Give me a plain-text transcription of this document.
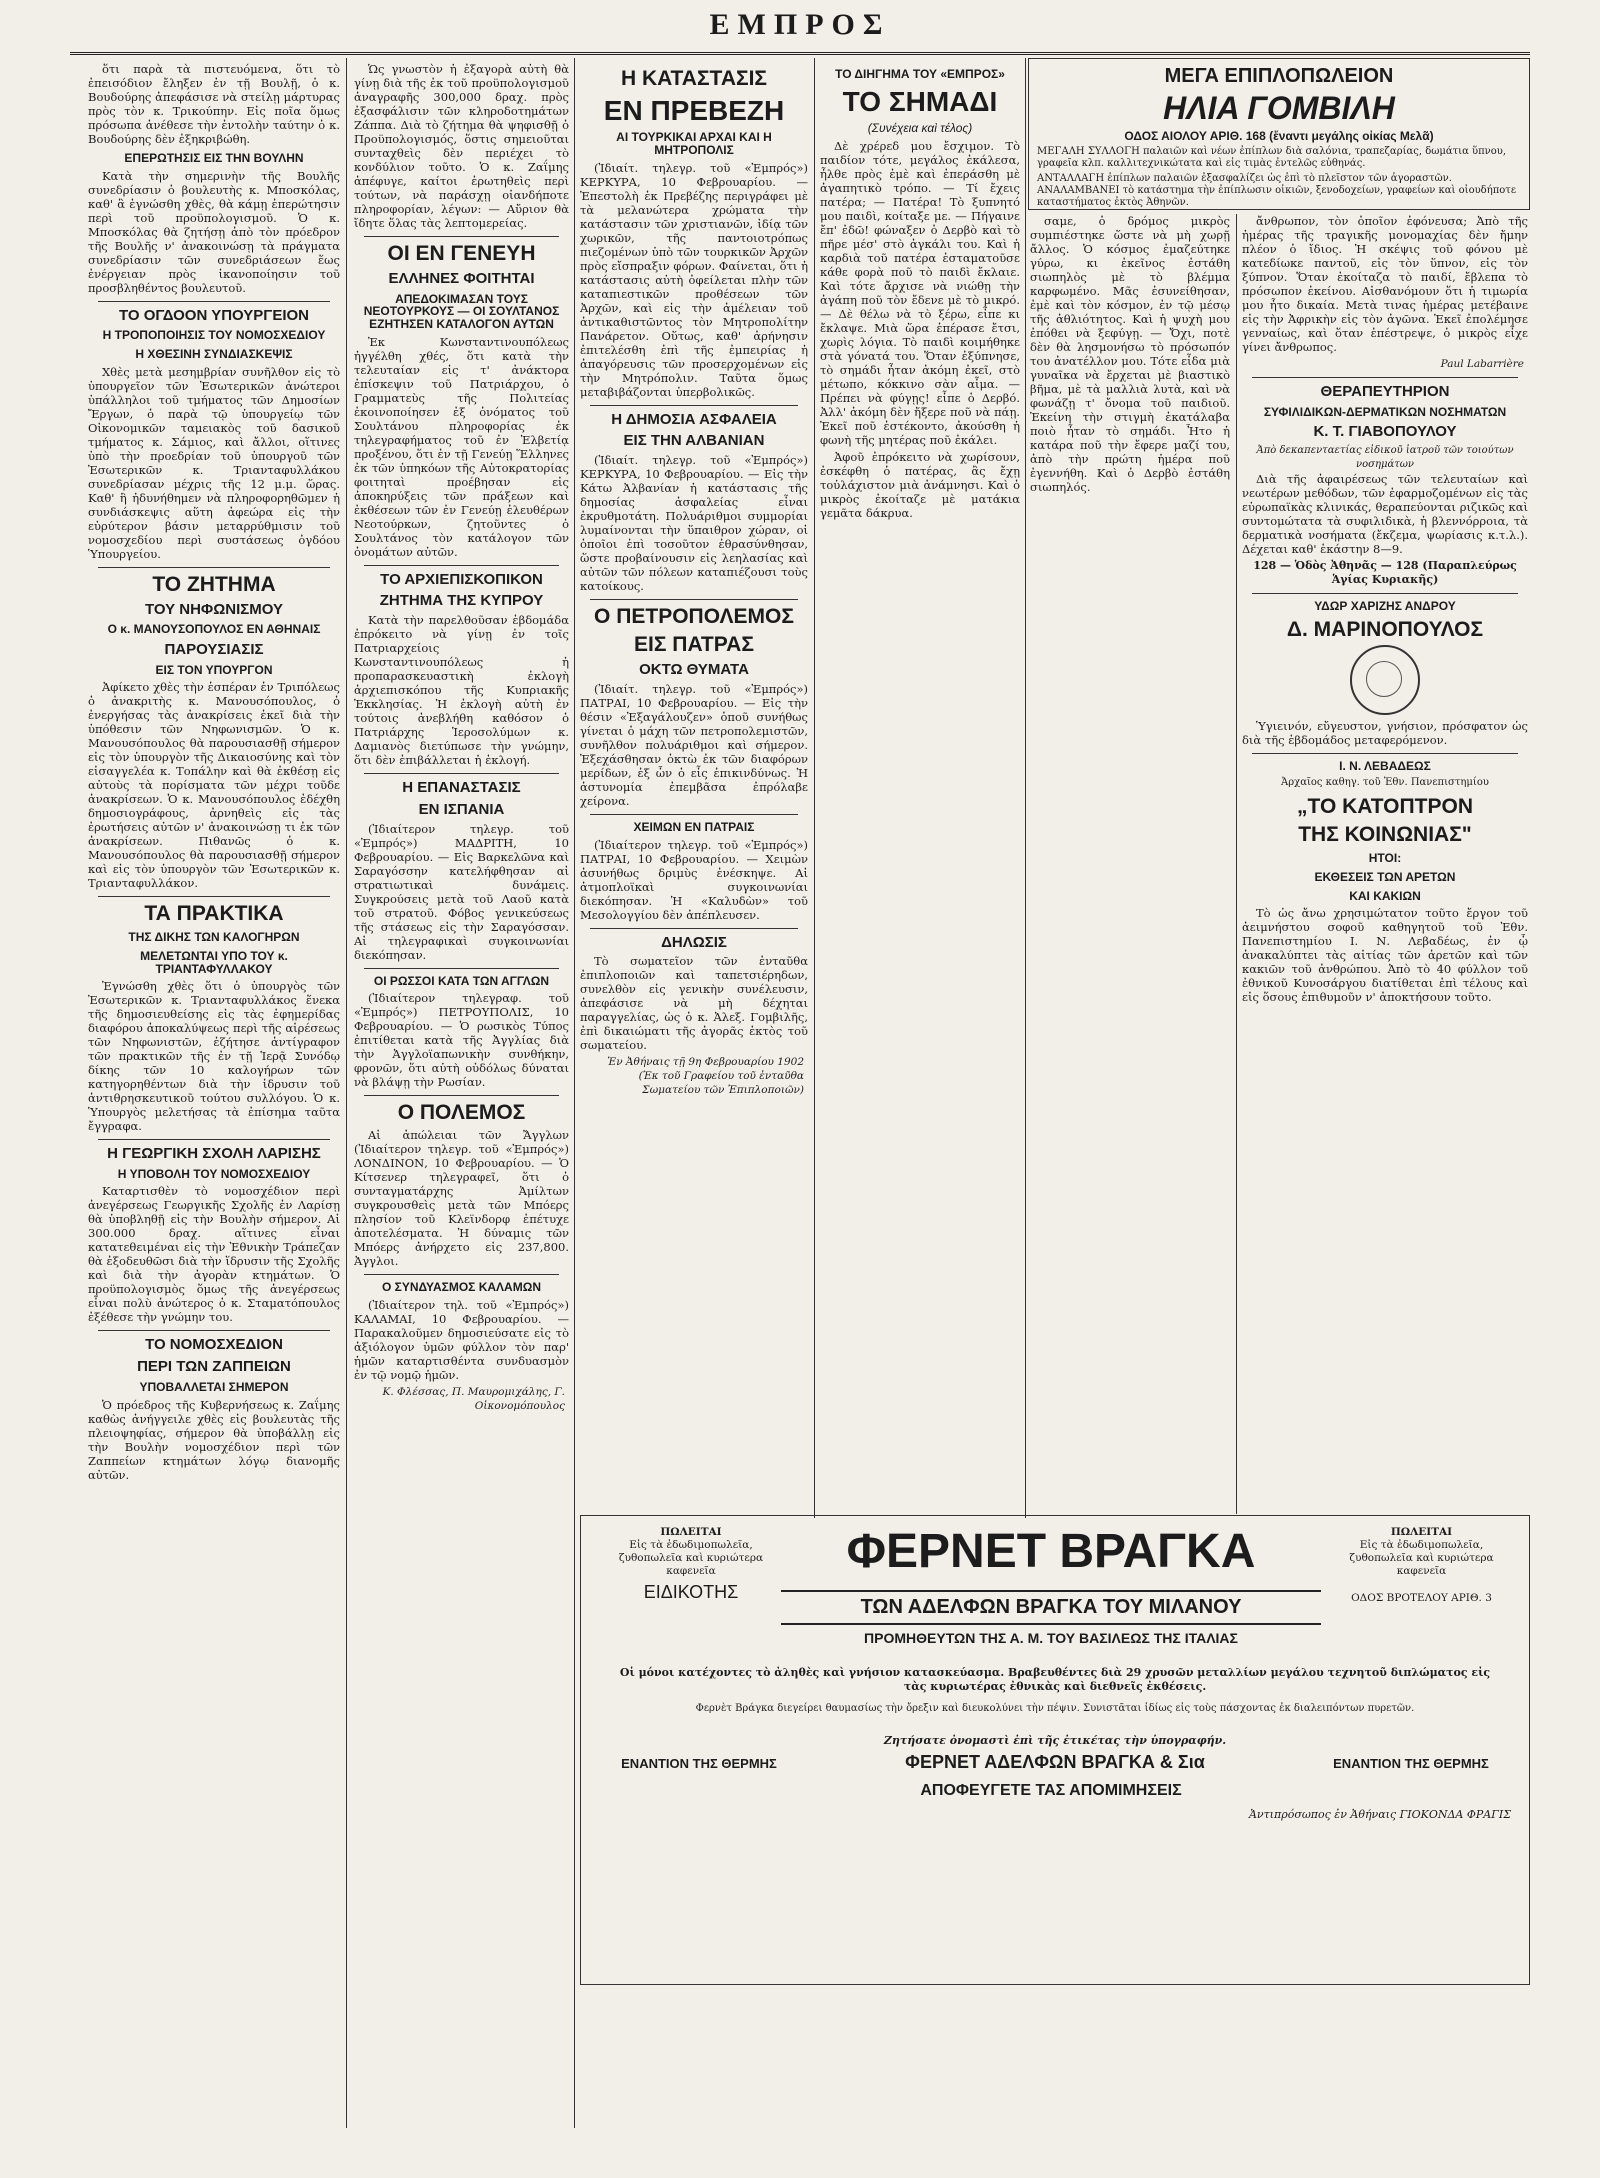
ΕΜΠΡΟΣ

ὅτι παρὰ τὰ πιστευόμενα, ὅτι τὸ ἐπεισόδιον ἔληξεν ἐν τῇ Βουλῇ, ὁ κ. Βουδούρης ἀπεφάσισε νὰ στείλῃ μάρτυρας πρὸς τὸν κ. Τρικούπην. Εἰς ποῖα ὅμως πρόσωπα ἀνέθεσε τὴν ἐντολὴν ταύτην ὁ κ. Βουδούρης δὲν ἐξηκριβώθη.

ΕΠΕΡΩΤΗΣΙΣ ΕΙΣ ΤΗΝ ΒΟΥΛΗΝ

Κατὰ τὴν σημερινὴν τῆς Βουλῆς συνεδρίασιν ὁ βουλευτὴς κ. Μποσκόλας, καθ' ἃ ἐγνώσθη χθὲς, θὰ κάμῃ ἐπερώτησιν περὶ τοῦ προϋπολογισμοῦ. Ὁ κ. Μποσκόλας θὰ ζητήσῃ ἀπὸ τὸν πρόεδρον τῆς Βουλῆς ν' ἀνακοινώσῃ τὰ πράγματα συνεδρίασιν τῶν συνεδριάσεων ἕως ἐνέργειαν πρὸς ἱκανοποίησιν τοῦ προσβληθέντος βουλευτοῦ.

ΤΟ ΟΓΔΟΟΝ ΥΠΟΥΡΓΕΙΟΝ
Η ΤΡΟΠΟΠΟΙΗΣΙΣ ΤΟΥ ΝΟΜΟΣΧΕΔΙΟΥ
Η ΧΘΕΣΙΝΗ ΣΥΝΔΙΑΣΚΕΨΙΣ

Χθὲς μετὰ μεσημβρίαν συνῆλθον εἰς τὸ ὑπουργεῖον τῶν Ἐσωτερικῶν ἀνώτεροι ὑπάλληλοι τοῦ τμήματος τῶν Δημοσίων Ἔργων, ὁ παρὰ τῷ ὑπουργείῳ τῶν Οἰκονομικῶν ταμειακὸς τοῦ δασικοῦ τμήματος κ. Σάμιος, καὶ ἄλλοι, οἵτινες ὑπὸ τὴν προεδρίαν τοῦ ὑπουργοῦ τῶν Ἐσωτερικῶν κ. Τριανταφυλλάκου συνεδρίασαν μέχρις τῆς 12 μ.μ. ὥρας. Καθ' ἣ ἠδυνήθημεν νὰ πληροφορηθῶμεν ἡ συνδιάσκεψις αὕτη ἀφεώρα εἰς τὴν εὐρύτερον βάσιν μεταρρύθμισιν τοῦ νομοσχεδίου περὶ συστάσεως ὀγδόου Ὑπουργείου.

ΤΟ ΖΗΤΗΜΑ
ΤΟΥ ΝΗΦΩΝΙΣΜΟΥ
Ο κ. ΜΑΝΟΥΣΟΠΟΥΛΟΣ ΕΝ ΑΘΗΝΑΙΣ
ΠΑΡΟΥΣΙΑΣΙΣ
ΕΙΣ ΤΟΝ ΥΠΟΥΡΓΟΝ

Ἀφίκετο χθὲς τὴν ἑσπέραν ἐν Τριπόλεως ὁ ἀνακριτὴς κ. Μανουσόπουλος, ὁ ἐνεργήσας τὰς ἀνακρίσεις ἐκεῖ διὰ τὴν ὑπόθεσιν τῶν Νηφωνισμῶν. Ὁ κ. Μανουσόπουλος θὰ παρουσιασθῇ σήμερον εἰς τὸν ὑπουργὸν τῆς Δικαιοσύνης καὶ τὸν εἰσαγγελέα κ. Τοπάλην καὶ θὰ ἐκθέσῃ εἰς αὐτοὺς τὰ πορίσματα τῶν μέχρι τοῦδε ἀνακρίσεων. Ὁ κ. Μανουσόπουλος ἐδέχθη δημοσιογράφους, ἀρνηθεὶς εἰς τὰς ἐρωτήσεις αὐτῶν ν' ἀνακοινώσῃ τι ἐκ τῶν ἀνακρίσεων. Πιθανῶς ὁ κ. Μανουσόπουλος θὰ παρουσιασθῇ σήμερον καὶ εἰς τὸν ὑπουργὸν τῶν Ἐσωτερικῶν κ. Τριανταφυλλάκον.

ΤΑ ΠΡΑΚΤΙΚΑ
ΤΗΣ ΔΙΚΗΣ ΤΩΝ ΚΑΛΟΓΗΡΩΝ
ΜΕΛΕΤΩΝΤΑΙ ΥΠΟ ΤΟΥ κ. ΤΡΙΑΝΤΑΦΥΛΛΑΚΟΥ

Ἐγνώσθη χθὲς ὅτι ὁ ὑπουργὸς τῶν Ἐσωτερικῶν κ. Τριανταφυλλάκος ἕνεκα τῆς δημοσιευθείσης εἰς τὰς ἐφημερίδας διαφόρου ἀποκαλύψεως περὶ τῆς αἱρέσεως τῶν Νηφωνιστῶν, ἐζήτησε ἀντίγραφον τῶν πρακτικῶν τῆς ἐν τῇ Ἱερᾷ Συνόδῳ δίκης τῶν 10 καλογήρων τῶν κατηγορηθέντων διὰ τὴν ἱδρυσιν τοῦ ἀντιθρησκευτικοῦ τούτου συλλόγου. Ὁ κ. Ὑπουργὸς μελετήσας τὰ ἐπίσημα ταῦτα ἔγγραφα.

Η ΓΕΩΡΓΙΚΗ ΣΧΟΛΗ ΛΑΡΙΣΗΣ
Η ΥΠΟΒΟΛΗ ΤΟΥ ΝΟΜΟΣΧΕΔΙΟΥ

Καταρτισθὲν τὸ νομοσχέδιον περὶ ἀνεγέρσεως Γεωργικῆς Σχολῆς ἐν Λαρίσῃ θὰ ὑποβληθῇ εἰς τὴν Βουλὴν σήμερον. Αἱ 300.000 δραχ. αἵτινες εἶναι κατατεθειμέναι εἰς τὴν Ἐθνικὴν Τράπεζαν θὰ ἐξοδευθῶσι διὰ τὴν ἵδρυσιν τῆς Σχολῆς καὶ διὰ τὴν ἀγορὰν κτημάτων. Ὁ προϋπολογισμὸς ὅμως τῆς ἀνεγέρσεως εἶναι πολὺ ἀνώτερος ὁ κ. Σταματόπουλος ἐξέθεσε τὴν γνώμην του.

ΤΟ ΝΟΜΟΣΧΕΔΙΟΝ
ΠΕΡΙ ΤΩΝ ΖΑΠΠΕΙΩΝ
ΥΠΟΒΑΛΛΕΤΑΙ ΣΗΜΕΡΟΝ

Ὁ πρόεδρος τῆς Κυβερνήσεως κ. Ζαΐμης καθὼς ἀνήγγειλε χθὲς εἰς βουλευτὰς τῆς πλειοψηφίας, σήμερον θὰ ὑποβάλλῃ εἰς τὴν Βουλὴν νομοσχέδιον περὶ τῶν Ζαππείων κτημάτων λόγῳ διανομῆς αὐτῶν.

Ὡς γνωστὸν ἡ ἐξαγορὰ αὐτὴ θὰ γίνῃ διὰ τῆς ἐκ τοῦ προϋπολογισμοῦ ἀναγραφῆς 300,000 δραχ. πρὸς ἐξασφάλισιν τῶν κληροδοτημάτων Ζάππα. Διὰ τὸ ζήτημα θὰ ψηφισθῇ ὁ Προϋπολογισμός, ὅστις σημειοῦται συνταχθεὶς δὲν περιέχει τὸ κονδύλιον τοῦτο. Ὁ κ. Ζαΐμης ἀπέφυγε, καίτοι ἐρωτηθεὶς περὶ τούτων, νὰ παράσχῃ οἰανδήποτε πληροφορίαν, λέγων: — Αὔριον θὰ ἴδητε ὅλας τὰς λεπτομερείας.

ΟΙ ΕΝ ΓΕΝΕΥΗ
ΕΛΛΗΝΕΣ ΦΟΙΤΗΤΑΙ
ΑΠΕΔΟΚΙΜΑΣΑΝ ΤΟΥΣ ΝΕΟΤΟΥΡΚΟΥΣ — ΟΙ ΣΟΥΛΤΑΝΟΣ ΕΖΗΤΗΣΕΝ ΚΑΤΑΛΟΓΟΝ ΑΥΤΩΝ

Ἐκ Κωνσταντινουπόλεως ἠγγέλθη χθές, ὅτι κατὰ τὴν τελευταίαν εἰς τ' ἀνάκτορα ἐπίσκεψιν τοῦ Πατριάρχου, ὁ Γραμματεὺς τῆς Πολιτείας ἐκοινοποίησεν ἐξ ὀνόματος τοῦ Σουλτάνου πληροφορίας ἐκ τηλεγραφήματος τοῦ ἐν Ἑλβετίᾳ προξένου, ὅτι ἐν τῇ Γενεύῃ Ἕλληνες ἐκ τῶν ὑπηκόων τῆς Αὐτοκρατορίας φοιτηταὶ προέβησαν εἰς ἀποκηρύξεις τῶν πράξεων καὶ ἐκθέσεων τῶν ἐν Γενεύῃ ἐλευθέρων Νεοτούρκων, ζητοῦντες ὁ Σουλτάνος τὸν κατάλογον τῶν ὀνομάτων αὐτῶν.

ΤΟ ΑΡΧΙΕΠΙΣΚΟΠΙΚΟΝ
ΖΗΤΗΜΑ ΤΗΣ ΚΥΠΡΟΥ

Κατὰ τὴν παρελθοῦσαν ἑβδομάδα ἐπρόκειτο νὰ γίνῃ ἐν τοῖς Πατριαρχείοις Κωνσταντινουπόλεως ἡ προπαρασκευαστικὴ ἐκλογὴ ἀρχιεπισκόπου τῆς Κυπριακῆς Ἐκκλησίας. Ἡ ἐκλογὴ αὐτὴ ἐν τούτοις ἀνεβλήθη καθόσον ὁ Πατριάρχης Ἱεροσολύμων κ. Δαμιανὸς διετύπωσε τὴν γνώμην, ὅτι δὲν ἐπιβάλλεται ἡ ἐκλογή.

Η ΕΠΑΝΑΣΤΑΣΙΣ
ΕΝ ΙΣΠΑΝΙΑ

(Ἰδιαίτερον τηλεγρ. τοῦ «Ἐμπρός») ΜΑΔΡΙΤΗ, 10 Φεβρουαρίου. — Εἰς Βαρκελῶνα καὶ Σαραγόσσην κατελήφθησαν αἱ στρατιωτικαὶ δυνάμεις. Συγκρούσεις μετὰ τοῦ Λαοῦ κατὰ τοῦ στρατοῦ. Φόβος γενικεύσεως τῆς στάσεως εἰς τὴν Σαραγόσσαν. Αἱ τηλεγραφικαὶ συγκοινωνίαι διεκόπησαν.

ΟΙ ΡΩΣΣΟΙ ΚΑΤΑ ΤΩΝ ΑΓΓΛΩΝ

(Ἰδιαίτερον τηλεγραφ. τοῦ «Ἐμπρός») ΠΕΤΡΟΥΠΟΛΙΣ, 10 Φεβρουαρίου. — Ὁ ρωσικὸς Τύπος ἐπιτίθεται κατὰ τῆς Ἀγγλίας διὰ τὴν Ἀγγλοϊαπωνικὴν συνθήκην, φρονῶν, ὅτι αὐτὴ οὐδόλως δύναται νὰ βλάψῃ τὴν Ρωσίαν.

Ο ΠΟΛΕΜΟΣ

Αἱ ἀπώλειαι τῶν Ἄγγλων (Ἰδιαίτερον τηλεγρ. τοῦ «Ἐμπρός») ΛΟΝΔΙΝΟΝ, 10 Φεβρουαρίου. — Ὁ Κίτσενερ τηλεγραφεῖ, ὅτι ὁ συνταγματάρχης Ἀμίλτων συγκρουσθεὶς μετὰ τῶν Μπόερς πλησίον τοῦ Κλεϊνδορφ ἐπέτυχε ἀποτελέσματα. Ἡ δύναμις τῶν Μπόερς ἀνήρχετο εἰς 237,800. Ἀγγλοι.

Ο ΣΥΝΔΥΑΣΜΟΣ ΚΑΛΑΜΩΝ

(Ἰδιαίτερον τηλ. τοῦ «Ἐμπρός») ΚΑΛΑΜΑΙ, 10 Φεβρουαρίου. — Παρακαλοῦμεν δημοσιεύσατε εἰς τὸ ἀξιόλογον ὑμῶν φύλλον τὸν παρ' ἡμῶν καταρτισθέντα συνδυασμὸν ἐν τῷ νομῷ ἡμῶν.

Κ. Φλέσσας, Π. Μαυρομιχάλης, Γ. Οἰκονομόπουλος
Η ΚΑΤΑΣΤΑΣΙΣ
ΕΝ ΠΡΕΒΕΖΗ
ΑΙ ΤΟΥΡΚΙΚΑΙ ΑΡΧΑΙ ΚΑΙ Η ΜΗΤΡΟΠΟΛΙΣ

(Ἰδιαίτ. τηλεγρ. τοῦ «Ἐμπρός») ΚΕΡΚΥΡΑ, 10 Φεβρουαρίου. — Ἐπεστολὴ ἐκ Πρεβέζης περιγράφει μὲ τὰ μελανώτερα χρώματα τὴν κατάστασιν τῶν χριστιανῶν, ἰδίᾳ τῶν χωρικῶν, τῆς παντοιοτρόπως πιεζομένων ὑπὸ τῶν τουρκικῶν Ἀρχῶν πρὸς εἴσπραξιν φόρων. Φαίνεται, ὅτι ἡ κατάστασις αὐτὴ ὀφείλεται πλὴν τῶν καταπιεστικῶν προθέσεων τῶν Ἀρχῶν, καὶ εἰς τὴν ἀμέλειαν τοῦ ἀντικαθιστῶντος τὸν Μητροπολίτην Πανάρετον. Οὕτως, καθ' ἀρήνησιν ἐπιτελέσθη ἐπὶ τῆς ἐμπειρίας ἡ ἀπαγόρευσις τῶν προσερχομένων εἰς τὴν Μητρόπολιν. Ταῦτα ὅμως μεταβιβάζονται ὑπερβολικῶς.

Η ΔΗΜΟΣΙΑ ΑΣΦΑΛΕΙΑ
ΕΙΣ ΤΗΝ ΑΛΒΑΝΙΑΝ

(Ἰδιαίτ. τηλεγρ. τοῦ «Ἐμπρός») ΚΕΡΚΥΡΑ, 10 Φεβρουαρίου. — Εἰς τὴν Κάτω Ἀλβανίαν ἡ κατάστασις τῆς δημοσίας ἀσφαλείας εἶναι ἐκρυθμοτάτη. Πολυάριθμοι συμμορίαι λυμαίνονται τὴν ὕπαιθρον χώραν, οἱ ὁποῖοι ἐπὶ τοσοῦτον ἐθρασύνθησαν, ὥστε προβαίνουσιν εἰς λεηλασίας καὶ αὐτῶν τῶν πόλεων καταπιέζουσι τοὺς κατοίκους.

Ο ΠΕΤΡΟΠΟΛΕΜΟΣ
ΕΙΣ ΠΑΤΡΑΣ
ΟΚΤΩ ΘΥΜΑΤΑ

(Ἰδιαίτ. τηλεγρ. τοῦ «Ἐμπρός») ΠΑΤΡΑΙ, 10 Φεβρουαρίου. — Εἰς τὴν θέσιν «Ἐξαγάλουζεν» ὁποῦ συνήθως γίνεται ὁ μάχη τῶν πετροπολεμιστῶν, συνῆλθον πολυάριθμοι καὶ σήμερον. Ἐξεχάσθησαν ὀκτὼ ἐκ τῶν διαφόρων μερίδων, ἐξ ὧν ὁ εἷς ἐπικινδύνως. Ἡ ἀστυνομία ἐπεμβᾶσα ἐπρόλαβε χείρονα.

ΧΕΙΜΩΝ ΕΝ ΠΑΤΡΑΙΣ

(Ἰδιαίτερον τηλεγρ. τοῦ «Ἐμπρός») ΠΑΤΡΑΙ, 10 Φεβρουαρίου. — Χειμὼν ἀσυνήθως δριμὺς ἐνέσκηψε. Αἱ ἀτμοπλοϊκαὶ συγκοινωνίαι διεκόπησαν. Ἡ «Καλυδὼν» τοῦ Μεσολογγίου δὲν ἀπέπλευσεν.

ΔΗΛΩΣΙΣ

Τὸ σωματεῖον τῶν ἐνταῦθα ἐπιπλοποιῶν καὶ ταπετσιέρηδων, συνελθὸν εἰς γενικὴν συνέλευσιν, ἀπεφάσισε νὰ μὴ δέχηται παραγγελίας, ὡς ὁ κ. Ἀλεξ. Γομβιλῆς, ἐπὶ δικαιώματι τῆς ἀγορᾶς ἐκτὸς τοῦ σωματείου.

Ἐν Ἀθήναις τῇ 9η Φεβρουαρίου 1902 (Ἐκ τοῦ Γραφείου τοῦ ἐνταῦθα Σωματείου τῶν Ἐπιπλοποιῶν)
ΤΟ ΔΙΗΓΗΜΑ ΤΟΥ «ΕΜΠΡΟΣ»
ΤΟ ΣΗΜΑΔΙ
(Συνέχεια καὶ τέλος)

Δὲ χρέρεδ μου ἔσχιμον. Τὸ παιδίον τότε, μεγάλος ἐκάλεσα, ἦλθε πρὸς ἐμὲ καὶ ἐπεράσθη μὲ ἀγαπητικὸ τρόπο. — Τί ἔχεις πατέρα; — Πατέρα! Τὸ ξυπνητό μου παιδὶ, κοίταξε με. — Πήγαινε ἔπ' ἐδῶ! φώναξεν ὁ Δερβὸ καὶ τὸ πῆρε μέσ' στὸ ἀγκάλι του. Καὶ ἡ καρδιὰ τοῦ πατέρα ἐσταματοῦσε κάθε φορὰ ποῦ τὸ παιδὶ ἔκλαιε. Καὶ τότε ἄρχισε νὰ νιώθῃ τὴν ἀγάπη ποῦ τὸν ἔδενε μὲ τὸ μικρό. — Δὲ θέλω νὰ τὸ ξέρω, εἶπε κι ἔκλαψε. Μιὰ ὥρα ἐπέρασε ἔτσι, χωρὶς λόγια. Τὸ παιδὶ κοιμήθηκε στὰ γόνατά του. Ὅταν ἐξύπνησε, τὸ σημάδι ἦταν ἀκόμη ἐκεῖ, στὸ μέτωπο, κόκκινο σὰν αἷμα. — Πρέπει νὰ φύγῃς! εἶπε ὁ Δερβό. Ἀλλ' ἀκόμη δὲν ἤξερε ποῦ νὰ πάῃ. Ἐκεῖ ποῦ ἐστέκοντο, ἀκούσθη ἡ φωνὴ τῆς μητέρας ποῦ ἐκάλει.

Ἀφοῦ ἐπρόκειτο νὰ χωρίσουν, ἐσκέφθη ὁ πατέρας, ἂς ἔχῃ τοὐλάχιστον μιὰ ἀνάμνησι. Καὶ ὁ μικρὸς ἐκοίταζε μὲ ματάκια γεμᾶτα δάκρυα.

ΜΕΓΑ ΕΠΙΠΛΟΠΩΛΕΙΟΝ
ΗΛΙΑ ΓΟΜΒΙΛΗ
ΟΔΟΣ ΑΙΟΛΟΥ ΑΡΙΘ. 168 (ἔναντι μεγάλης οἰκίας Μελᾶ)
ΜΕΓΑΛΗ ΣΥΛΛΟΓΗ παλαιῶν καὶ νέων ἐπίπλων διὰ σαλόνια, τραπεζαρίας, δωμάτια ὕπνου, γραφεῖα κλπ. καλλιτεχνικώτατα καὶ εἰς τιμὰς ἐντελῶς εὐθηνάς.
ΑΝΤΑΛΛΑΓΗ ἐπίπλων παλαιῶν ἐξασφαλίζει ὡς ἐπὶ τὸ πλεῖστον τῶν ἀγοραστῶν.
ΑΝΑΛΑΜΒΑΝΕΙ τὸ κατάστημα τὴν ἐπίπλωσιν οἰκιῶν, ξενοδοχείων, γραφείων καὶ οἰουδήποτε καταστήματος ἐκτὸς Ἀθηνῶν.

σαμε, ὁ δρόμος μικρὸς συμπιέστηκε ὥστε νὰ μὴ χωρῇ ἄλλος. Ὁ κόσμος ἐμαζεύτηκε γύρω, κι ἐκεῖνος ἐστάθη σιωπηλὸς μὲ τὸ βλέμμα καρφωμένο. Μᾶς ἐσυνείθησαν, ἐμὲ καὶ τὸν κόσμον, ἐν τῷ μέσῳ τῆς ἀθλιότητος. Καὶ ἡ ψυχὴ μου ἐπόθει νὰ ξεφύγῃ. — Ὄχι, ποτὲ δὲν θὰ λησμονήσω τὸ πρόσωπόν του ἀνατέλλον μου. Τότε εἶδα μιὰ γυναῖκα νὰ ἔρχεται μὲ βιαστικὸ βῆμα, μὲ τὰ μαλλιὰ λυτὰ, καὶ νὰ φωνάζῃ τ' ὄνομα τοῦ παιδιοῦ. Ἐκείνη τὴν στιγμὴ ἐκατάλαβα ποιὸ ἦταν τὸ σημάδι. Ἦτο ἡ κατάρα ποῦ τὴν ἔφερε μαζί του, ἀπὸ τὴν πρώτη ἡμέρα ποῦ ἐγεννήθη. Καὶ ὁ Δερβὸ ἐστάθη σιωπηλός.

ἄνθρωπον, τὸν ὁποῖον ἐφόνευσα; Ἀπὸ τῆς ἡμέρας τῆς τραγικῆς μονομαχίας δὲν ἤμην πλέον ὁ ἴδιος. Ἡ σκέψις τοῦ φόνου μὲ κατεδίωκε παντοῦ, εἰς τὸν ὕπνον, εἰς τὸν ξύπνον. Ὅταν ἐκοίταζα τὸ παιδί, ἔβλεπα τὸ πρόσωπον ἐκείνου. Αἰσθανόμουν ὅτι ἡ τιμωρία μου ἦτο δικαία. Μετὰ τινας ἡμέρας μετέβαινε εἰς τὴν Ἀφρικὴν εἰς τὸν ἀγῶνα. Ἐκεῖ ἐπολέμησε γενναίως, καὶ ὅταν ἐπέστρεψε, ὁ μικρὸς εἶχε γίνει ἄνθρωπος.

Paul Labarrière
ΘΕΡΑΠΕΥΤΗΡΙΟΝ
ΣΥΦΙΛΙΔΙΚΩΝ-ΔΕΡΜΑΤΙΚΩΝ ΝΟΣΗΜΑΤΩΝ
Κ. Τ. ΓΙΑΒΟΠΟΥΛΟΥ
Ἀπὸ δεκαπενταετίας εἰδικοῦ ἰατροῦ τῶν τοιούτων νοσημάτων

Διὰ τῆς ἀφαιρέσεως τῶν τελευταίων καὶ νεωτέρων μεθόδων, τῶν ἐφαρμοζομένων εἰς τὰς εὐρωπαϊκὰς κλινικάς, θεραπεύονται ριζικῶς καὶ συντομώτατα τὰ συφιλιδικὰ, ἡ βλεννόρροια, τὰ δερματικὰ νοσήματα (ἔκζεμα, ψωρίασις κ.τ.λ.). Δέχεται καθ' ἑκάστην 8—9.

128 — Ὁδὸς Ἀθηνᾶς — 128 (Παραπλεύρως Ἁγίας Κυριακῆς)
ΥΔΩΡ ΧΑΡΙΖΗΣ ΑΝΔΡΟΥ
Δ. ΜΑΡΙΝΟΠΟΥΛΟΣ

Ὑγιεινόν, εὔγευστον, γνήσιον, πρόσφατον ὡς διὰ τῆς ἑβδομάδος μεταφερόμενον.

Ι. Ν. ΛΕΒΑΔΕΩΣ
Ἀρχαῖος καθηγ. τοῦ Ἐθν. Πανεπιστημίου
„ΤΟ ΚΑΤΟΠΤΡΟΝ
ΤΗΣ ΚΟΙΝΩΝΙΑΣ"
ΗΤΟΙ:
ΕΚΘΕΣΕΙΣ ΤΩΝ ΑΡΕΤΩΝ
ΚΑΙ ΚΑΚΙΩΝ

Τὸ ὡς ἄνω χρησιμώτατον τοῦτο ἔργον τοῦ ἀειμνήστου σοφοῦ καθηγητοῦ τοῦ Ἐθν. Πανεπιστημίου Ι. Ν. Λεβαδέως, ἐν ᾧ ἀνακαλύπτει τὰς αἰτίας τῶν ἀρετῶν καὶ τῶν κακιῶν τοῦ ἀνθρώπου. Ἀπὸ τὸ 40 φύλλον τοῦ ἐθνικοῦ Κυνοσάργου διατίθεται ἐπὶ τέλους καὶ εἰς ὅσους ἐπιθυμοῦν ν' ἀποκτήσουν τοῦτο.

ΠΩΛΕΙΤΑΙ
Εἰς τὰ ἐδωδιμοπωλεῖα, ζυθοπωλεῖα καὶ κυριώτερα καφενεῖα
ΕΙΔΙΚΟΤΗΣ
ΠΩΛΕΙΤΑΙ
Εἰς τὰ ἐδωδιμοπωλεῖα, ζυθοπωλεῖα καὶ κυριώτερα καφενεῖα
ΟΔΟΣ ΒΡΟΤΕΛΟΥ ΑΡΙΘ. 3
ΦΕΡΝΕΤ ΒΡΑΓΚΑ
ΤΩΝ ΑΔΕΛΦΩΝ ΒΡΑΓΚΑ ΤΟΥ ΜΙΛΑΝΟΥ
ΠΡΟΜΗΘΕΥΤΩΝ ΤΗΣ Α. Μ. ΤΟΥ ΒΑΣΙΛΕΩΣ ΤΗΣ ΙΤΑΛΙΑΣ
Οἱ μόνοι κατέχοντες τὸ ἀληθὲς καὶ γνήσιον κατασκεύασμα. Βραβευθέντες διὰ 29 χρυσῶν μεταλλίων μεγάλου τεχνητοῦ διπλώματος εἰς τὰς κυριωτέρας ἐθνικὰς καὶ διεθνεῖς ἐκθέσεις.
Φερνὲτ Βράγκα διεγείρει θαυμασίως τὴν ὄρεξιν καὶ διευκολύνει τὴν πέψιν. Συνιστᾶται ἰδίως εἰς τοὺς πάσχοντας ἐκ διαλειπόντων πυρετῶν.
Ζητήσατε ὀνομαστὶ ἐπὶ τῆς ἐτικέτας τὴν ὑπογραφήν.
ΕΝΑΝΤΙΟΝ ΤΗΣ ΘΕΡΜΗΣ	ΦΕΡΝΕΤ ΑΔΕΛΦΩΝ ΒΡΑΓΚΑ & Σια	ΕΝΑΝΤΙΟΝ ΤΗΣ ΘΕΡΜΗΣ
ΑΠΟΦΕΥΓΕΤΕ ΤΑΣ ΑΠΟΜΙΜΗΣΕΙΣ
Ἀντιπρόσωπος ἐν Ἀθήναις ΓΙΟΚΟΝΔΑ ΦΡΑΓΙΣ
